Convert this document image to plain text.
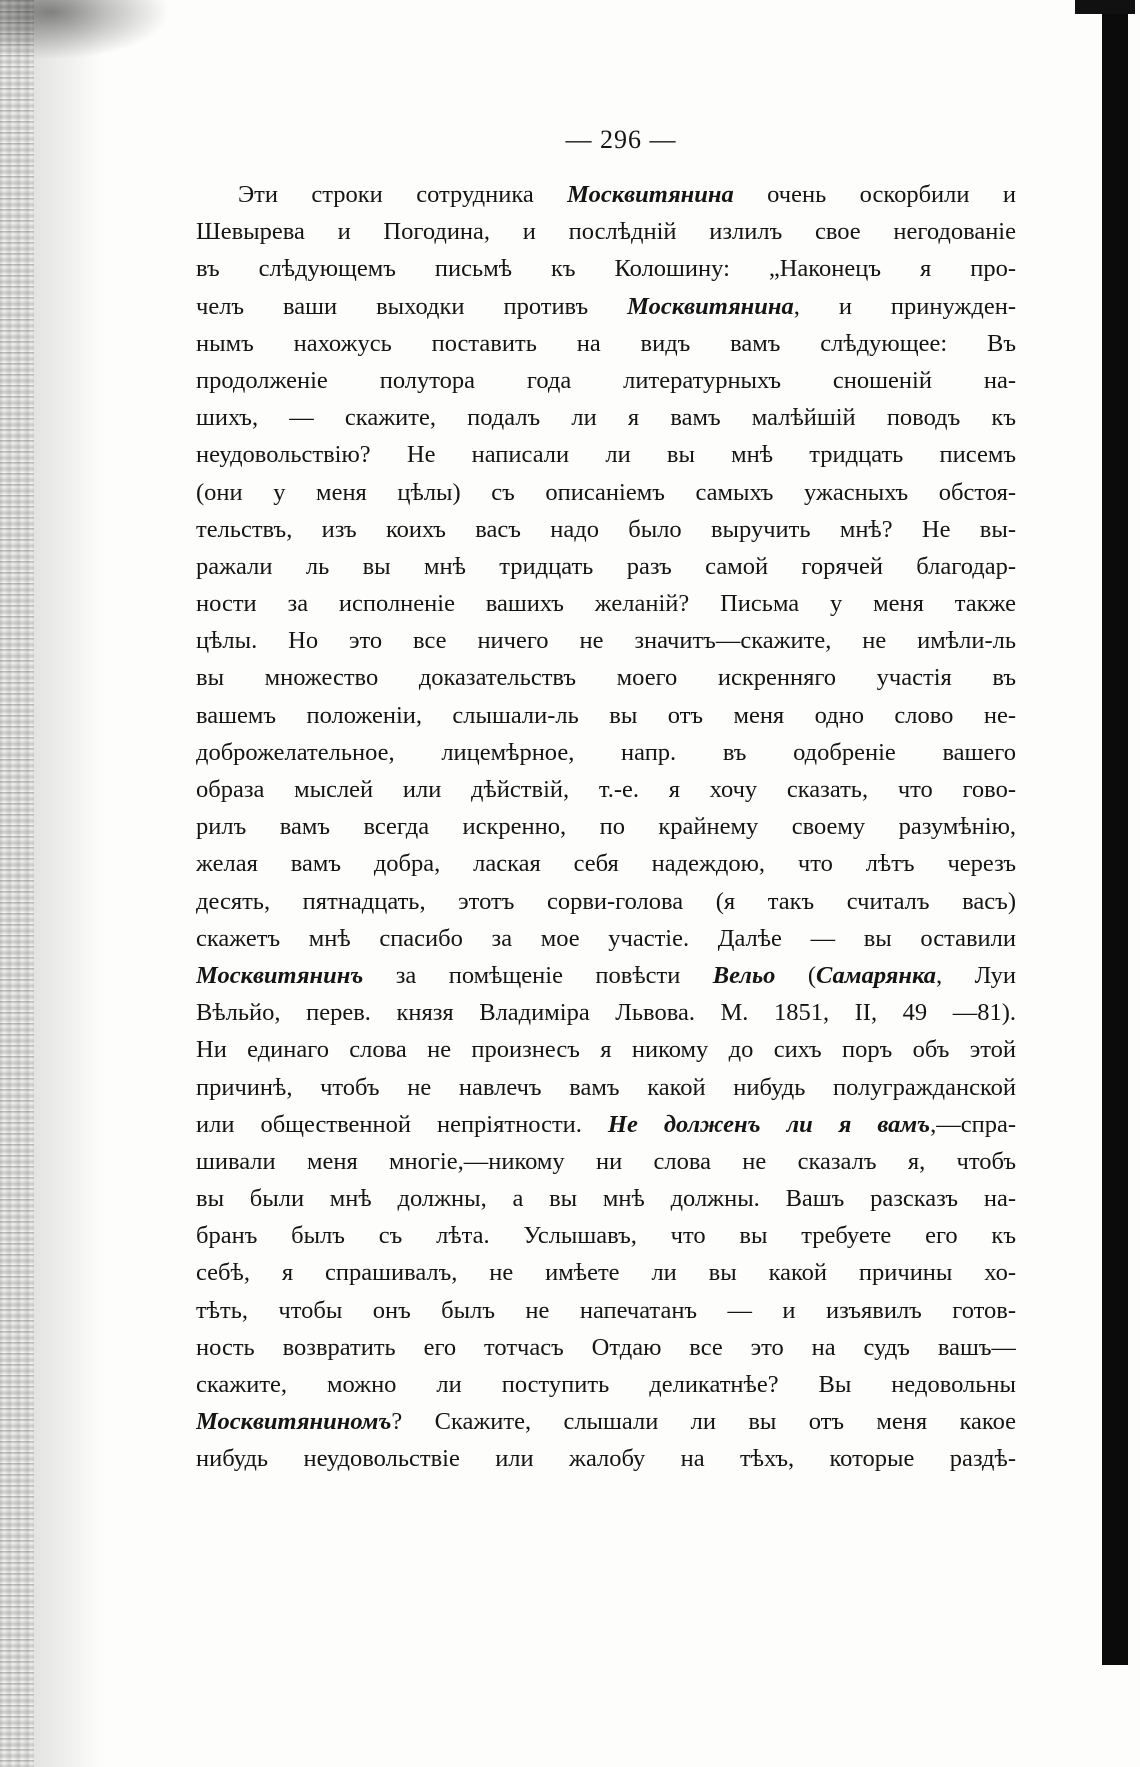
— 296 —
Эти строки сотрудника Москвитянина очень оскорбили и
Шевырева и Погодина, и послѣдній излилъ свое негодованіе
въ слѣдующемъ письмѣ къ Колошину: „Наконецъ я про-
челъ ваши выходки противъ Москвитянина, и принужден-
нымъ нахожусь поставить на видъ вамъ слѣдующее: Въ
продолженіе полутора года литературныхъ сношеній на-
шихъ, — скажите, подалъ ли я вамъ малѣйшій поводъ къ
неудовольствію? Не написали ли вы мнѣ тридцать писемъ
(они у меня цѣлы) съ описаніемъ самыхъ ужасныхъ обстоя-
тельствъ, изъ коихъ васъ надо было выручить мнѣ? Не вы-
ражали ль вы мнѣ тридцать разъ самой горячей благодар-
ности за исполненіе вашихъ желаній? Письма у меня также
цѣлы. Но это все ничего не значитъ—скажите, не имѣли-ль
вы множество доказательствъ моего искренняго участія въ
вашемъ положеніи, слышали-ль вы отъ меня одно слово не-
доброжелательное, лицемѣрное, напр. въ одобреніе вашего
образа мыслей или дѣйствій, т.-е. я хочу сказать, что гово-
рилъ вамъ всегда искренно, по крайнему своему разумѣнію,
желая вамъ добра, лаская себя надеждою, что лѣтъ черезъ
десять, пятнадцать, этотъ сорви-голова (я такъ считалъ васъ)
скажетъ мнѣ спасибо за мое участіе. Далѣе — вы оставили
Москвитянинъ за помѣщеніе повѣсти Вельо (Самарянка, Луи
Вѣльйо, перев. князя Владиміра Львова. М. 1851, II, 49 —81).
Ни единаго слова не произнесъ я никому до сихъ поръ объ этой
причинѣ, чтобъ не навлечъ вамъ какой нибудь полугражданской
или общественной непріятности. Не долженъ ли я вамъ,—спра-
шивали меня многіе,—никому ни слова не сказалъ я, чтобъ
вы были мнѣ должны, а вы мнѣ должны. Вашъ разсказъ на-
бранъ былъ съ лѣта. Услышавъ, что вы требуете его къ
себѣ, я спрашивалъ, не имѣете ли вы какой причины хо-
тѣть, чтобы онъ былъ не напечатанъ — и изъявилъ готов-
ность возвратить его тотчасъ Отдаю все это на судъ вашъ—
скажите, можно ли поступить деликатнѣе? Вы недовольны
Москвитяниномъ? Скажите, слышали ли вы отъ меня какое
нибудь неудовольствіе или жалобу на тѣхъ, которые раздѣ-
